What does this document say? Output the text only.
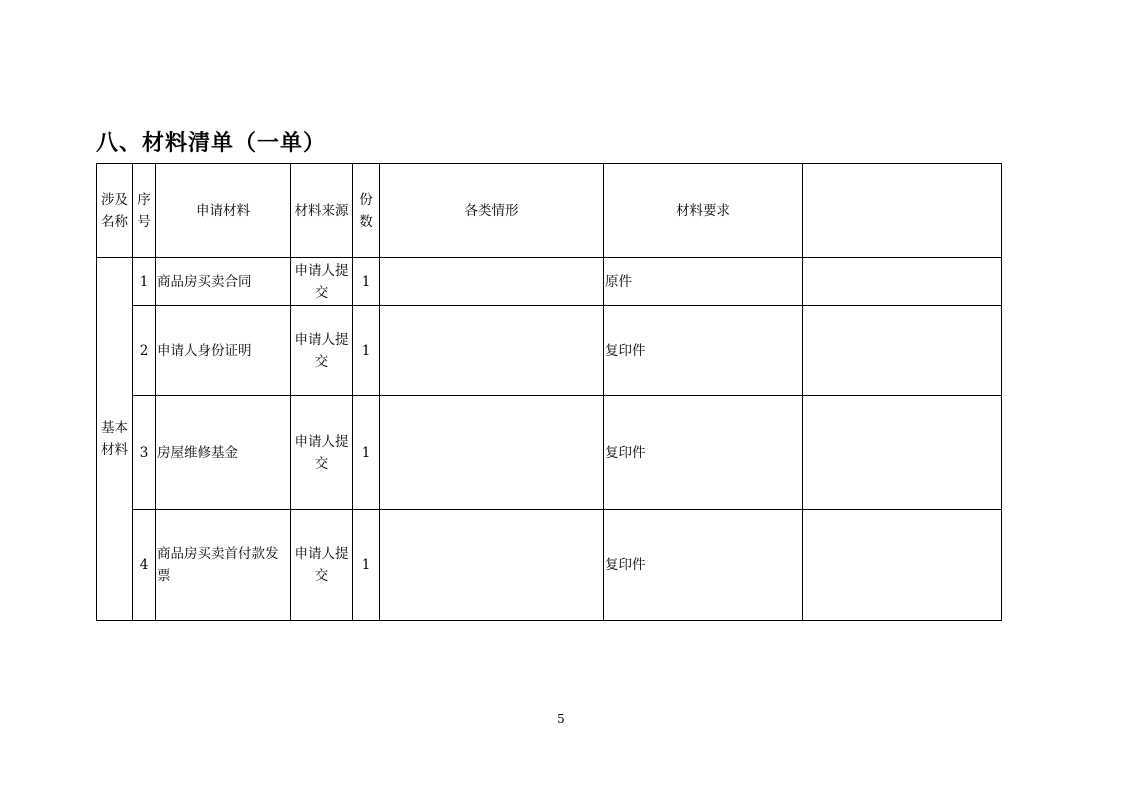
八、材料清单（一单）
涉及名称	序号	申请材料	材料来源	份数	各类情形	材料要求	
基本材料	1	商品房买卖合同	申请人提交	1		原件	
	2	申请人身份证明	申请人提交	1		复印件	
	3	房屋维修基金	申请人提交	1		复印件	
	4	商品房买卖首付款发票	申请人提交	1		复印件	
5
